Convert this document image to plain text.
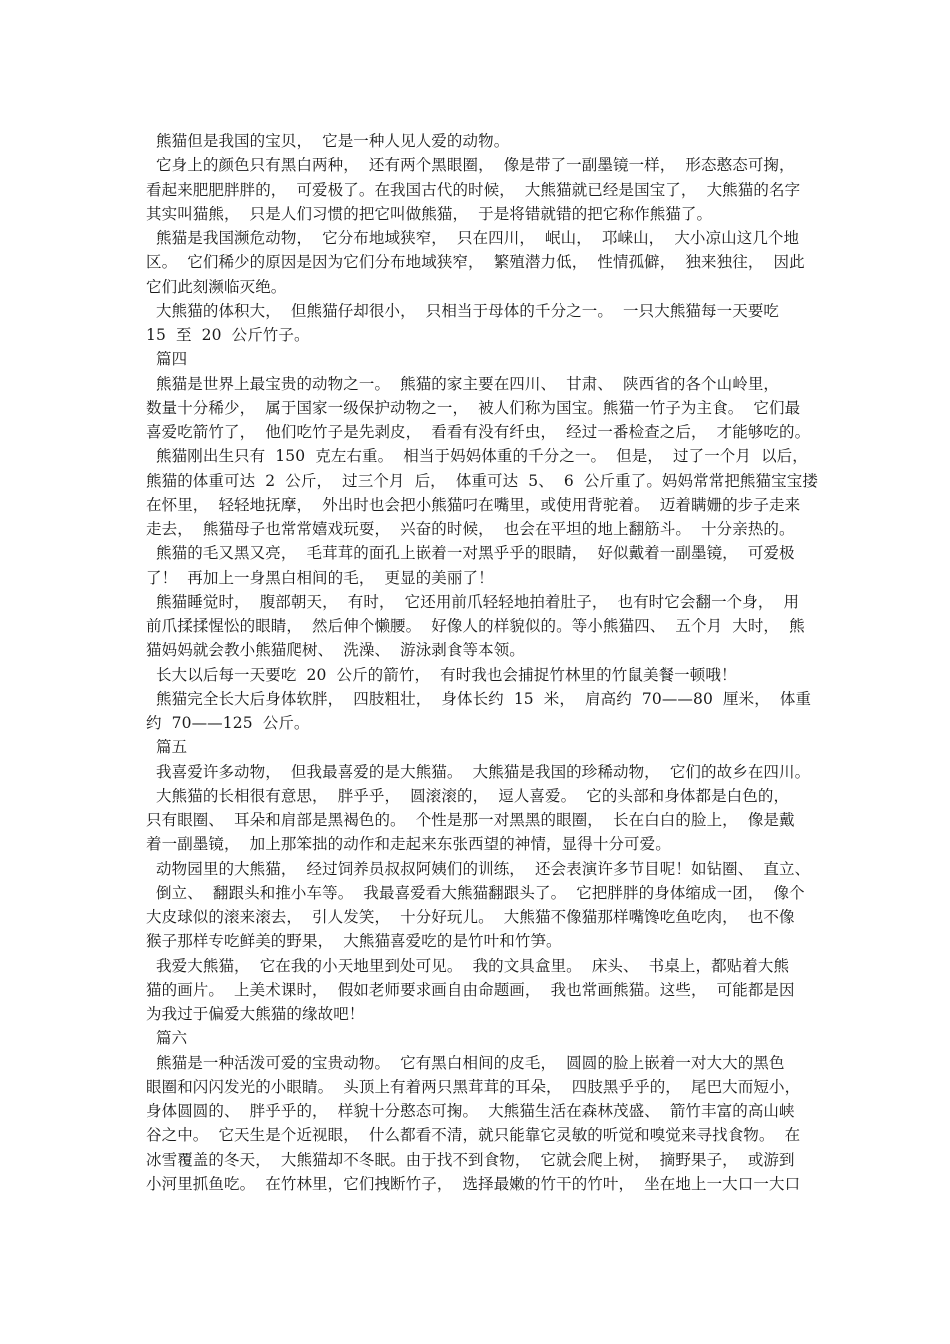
熊猫但是我国的宝贝，  它是一种人见人爱的动物。
它身上的颜色只有黑白两种，  还有两个黑眼圈，  像是带了一副墨镜一样，  形态憨态可掬，
看起来肥肥胖胖的，  可爱极了。在我国古代的时候，  大熊猫就已经是国宝了，  大熊猫的名字
其实叫猫熊，  只是人们习惯的把它叫做熊猫，  于是将错就错的把它称作熊猫了。
熊猫是我国濒危动物，  它分布地域狭窄，  只在四川，  岷山，  邛崃山，  大小凉山这几个地
区。  它们稀少的原因是因为它们分布地域狭窄，  繁殖潜力低，  性情孤僻，  独来独往，  因此
它们此刻濒临灭绝。
大熊猫的体积大，  但熊猫仔却很小，  只相当于母体的千分之一。  一只大熊猫每一天要吃
15  至  20  公斤竹子。
篇四
熊猫是世界上最宝贵的动物之一。  熊猫的家主要在四川、  甘肃、  陕西省的各个山岭里，
数量十分稀少，  属于国家一级保护动物之一，  被人们称为国宝。熊猫一竹子为主食。  它们最
喜爱吃箭竹了，  他们吃竹子是先剥皮，  看看有没有纤虫，  经过一番检查之后，  才能够吃的。
熊猫刚出生只有  150  克左右重。  相当于妈妈体重的千分之一。  但是，  过了一个月  以后，
熊猫的体重可达  2  公斤，  过三个月  后，  体重可达  5、  6  公斤重了。妈妈常常把熊猫宝宝搂
在怀里，  轻轻地抚摩，  外出时也会把小熊猫叼在嘴里，或使用背驼着。  迈着瞒姗的步子走来
走去，  熊猫母子也常常嬉戏玩耍，  兴奋的时候，  也会在平坦的地上翻筋斗。  十分亲热的。
熊猫的毛又黑又亮，  毛茸茸的面孔上嵌着一对黑乎乎的眼睛，  好似戴着一副墨镜，  可爱极
了！  再加上一身黑白相间的毛，  更显的美丽了！
熊猫睡觉时，  腹部朝天，  有时，  它还用前爪轻轻地拍着肚子，  也有时它会翻一个身，  用
前爪揉揉惺忪的眼睛，  然后伸个懒腰。  好像人的样貌似的。等小熊猫四、  五个月  大时，  熊
猫妈妈就会教小熊猫爬树、  洗澡、  游泳剥食等本领。
长大以后每一天要吃  20  公斤的箭竹，  有时我也会捕捉竹林里的竹鼠美餐一顿哦！
熊猫完全长大后身体软胖，  四肢粗壮，  身体长约  15  米，  肩高约  70——80  厘米，  体重
约  70——125  公斤。
篇五
我喜爱许多动物，  但我最喜爱的是大熊猫。  大熊猫是我国的珍稀动物，  它们的故乡在四川。
大熊猫的长相很有意思，  胖乎乎，  圆滚滚的，  逗人喜爱。  它的头部和身体都是白色的，
只有眼圈、  耳朵和肩部是黑褐色的。  个性是那一对黑黑的眼圈，  长在白白的脸上，  像是戴
着一副墨镜，  加上那笨拙的动作和走起来东张西望的神情，显得十分可爱。
动物园里的大熊猫，  经过饲养员叔叔阿姨们的训练，  还会表演许多节目呢！如钻圈、  直立、
倒立、  翻跟头和推小车等。  我最喜爱看大熊猫翻跟头了。  它把胖胖的身体缩成一团，  像个
大皮球似的滚来滚去，  引人发笑，  十分好玩儿。  大熊猫不像猫那样嘴馋吃鱼吃肉，  也不像
猴子那样专吃鲜美的野果，  大熊猫喜爱吃的是竹叶和竹笋。
我爱大熊猫，  它在我的小天地里到处可见。  我的文具盒里。  床头、  书桌上，都贴着大熊
猫的画片。  上美术课时，  假如老师要求画自由命题画，  我也常画熊猫。这些，  可能都是因
为我过于偏爱大熊猫的缘故吧！
篇六
熊猫是一种活泼可爱的宝贵动物。  它有黑白相间的皮毛，  圆圆的脸上嵌着一对大大的黑色
眼圈和闪闪发光的小眼睛。  头顶上有着两只黑茸茸的耳朵，  四肢黑乎乎的，  尾巴大而短小，
身体圆圆的、  胖乎乎的，  样貌十分憨态可掬。  大熊猫生活在森林茂盛、  箭竹丰富的高山峡
谷之中。  它天生是个近视眼，  什么都看不清，就只能靠它灵敏的听觉和嗅觉来寻找食物。  在
冰雪覆盖的冬天，  大熊猫却不冬眠。由于找不到食物，  它就会爬上树，  摘野果子，  或游到
小河里抓鱼吃。  在竹林里，它们拽断竹子，  选择最嫩的竹干的竹叶，  坐在地上一大口一大口
